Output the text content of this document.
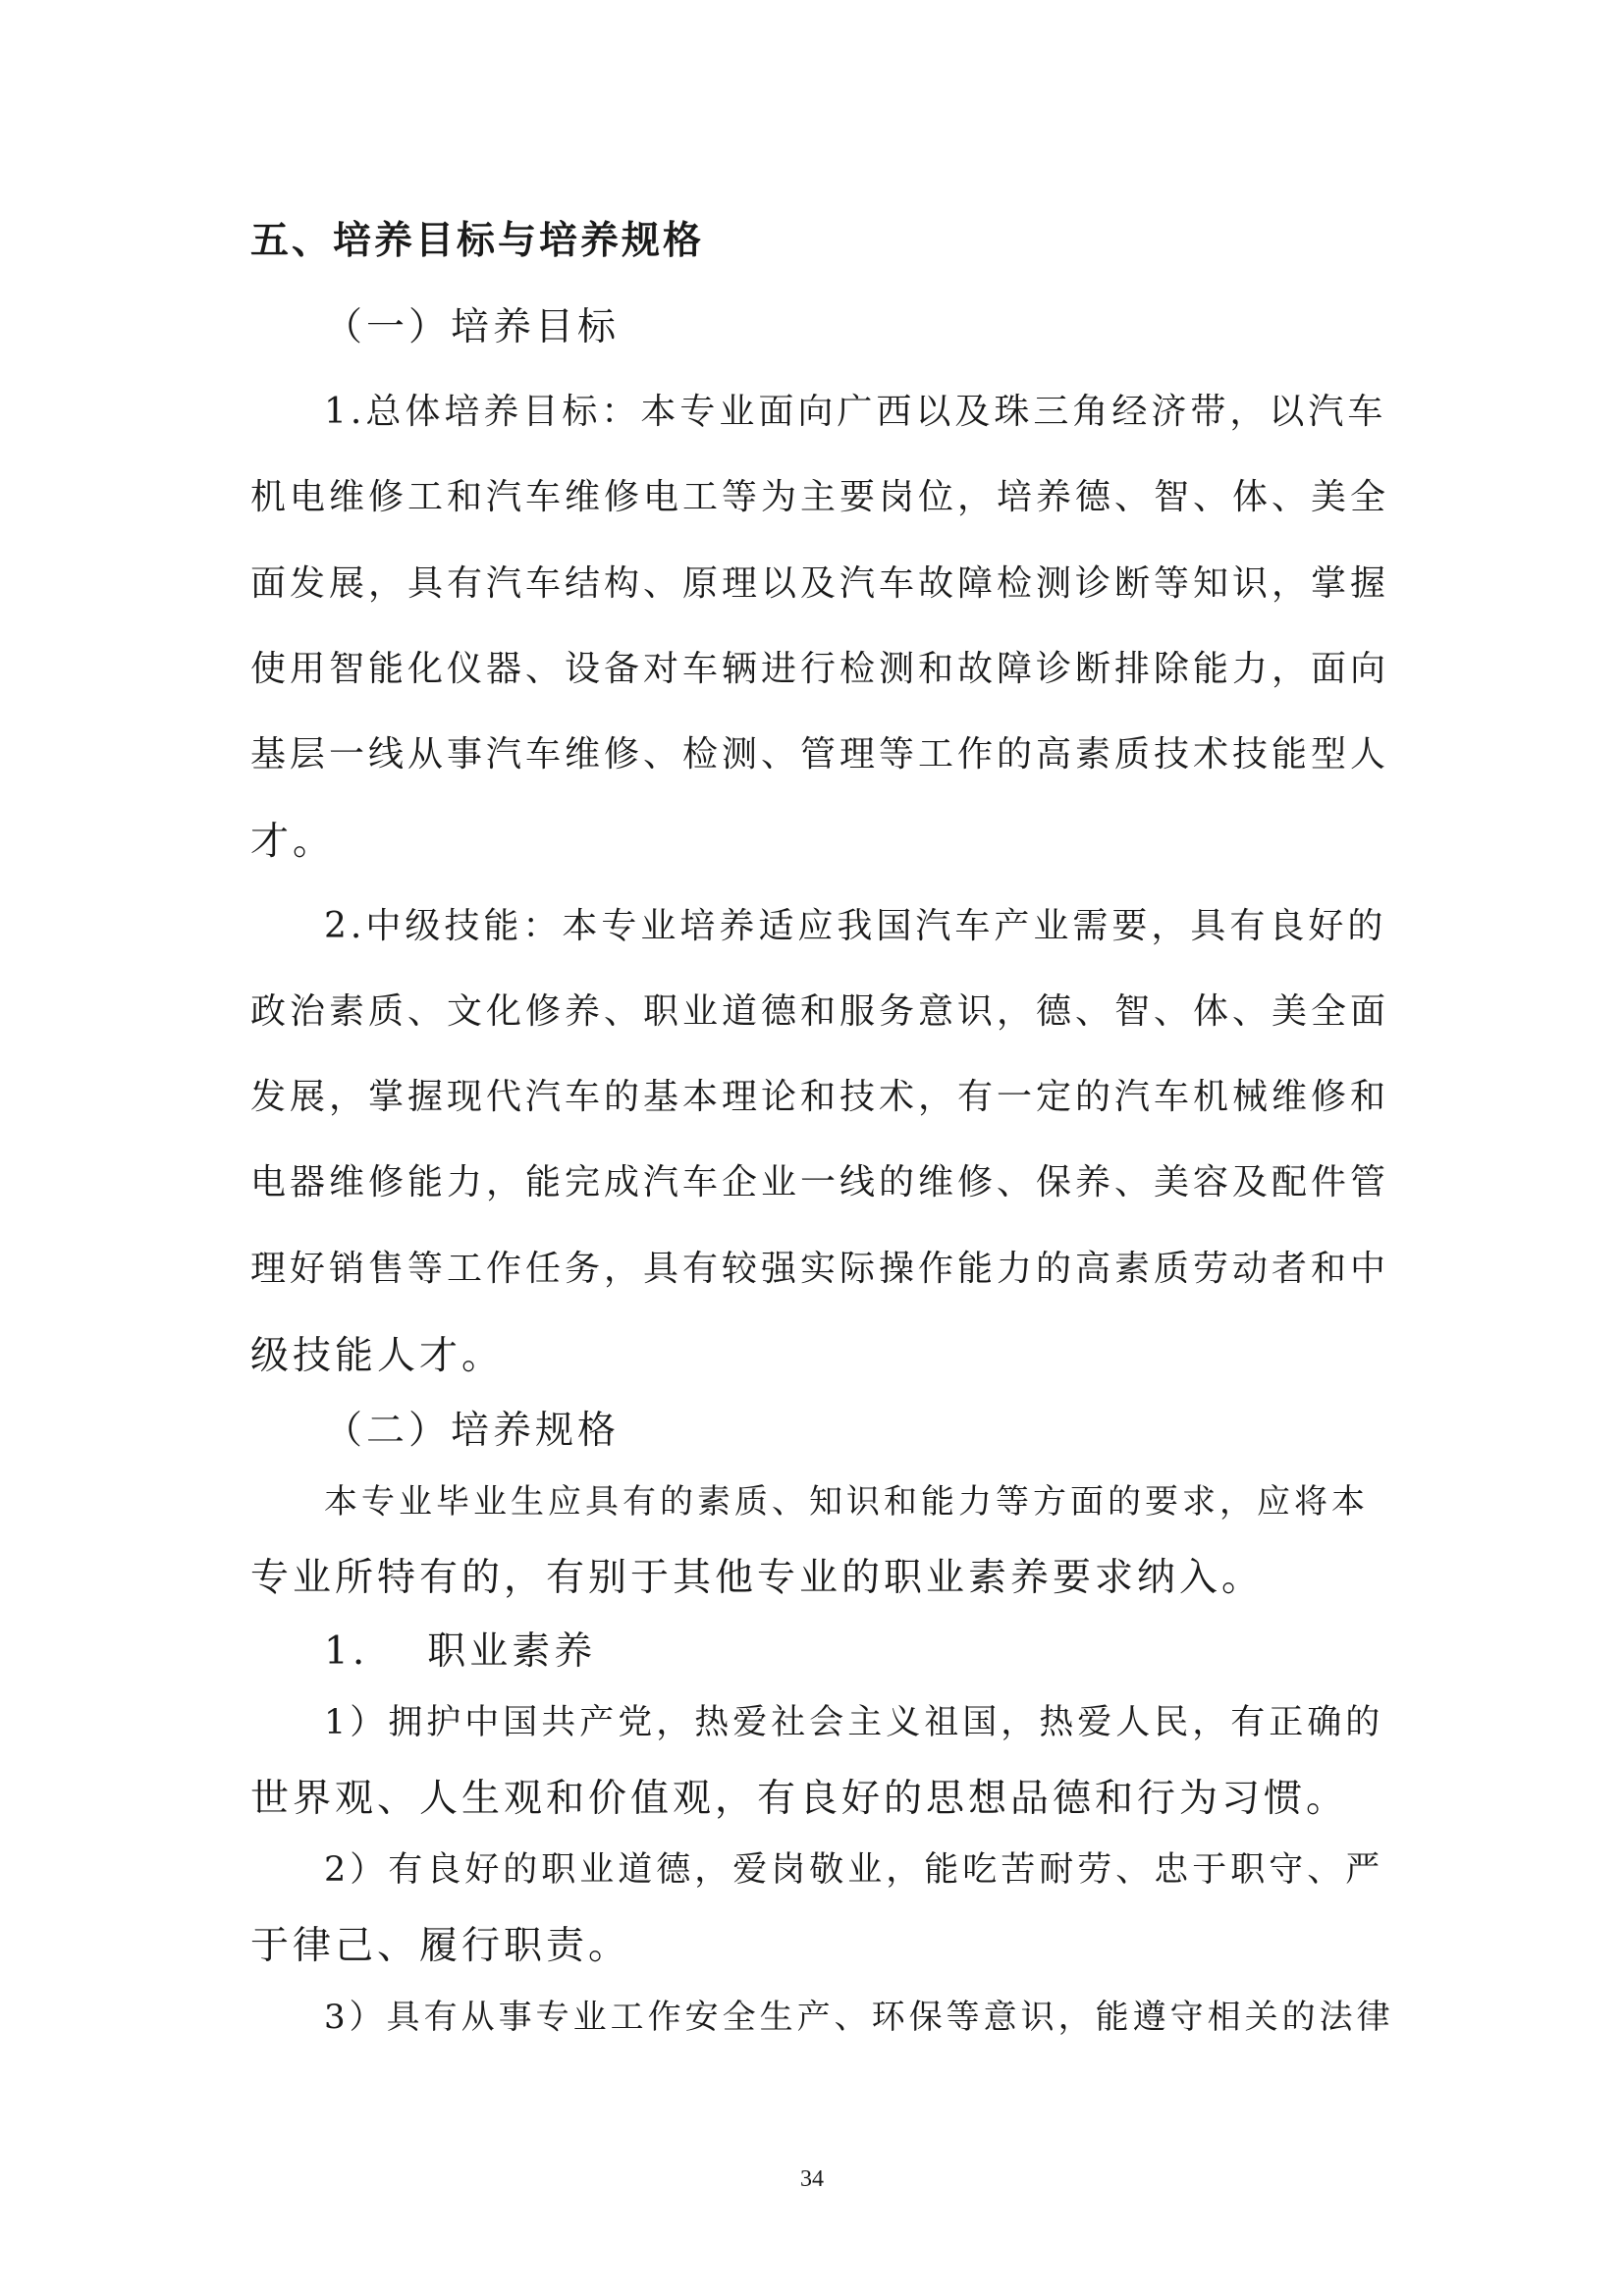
五、培养目标与培养规格
（一）培养目标
1.总体培养目标：本专业面向广西以及珠三角经济带，以汽车
机电维修工和汽车维修电工等为主要岗位，培养德、智、体、美全
面发展，具有汽车结构、原理以及汽车故障检测诊断等知识，掌握
使用智能化仪器、设备对车辆进行检测和故障诊断排除能力，面向
基层一线从事汽车维修、检测、管理等工作的高素质技术技能型人
才。
2.中级技能：本专业培养适应我国汽车产业需要，具有良好的
政治素质、文化修养、职业道德和服务意识，德、智、体、美全面
发展，掌握现代汽车的基本理论和技术，有一定的汽车机械维修和
电器维修能力，能完成汽车企业一线的维修、保养、美容及配件管
理好销售等工作任务，具有较强实际操作能力的高素质劳动者和中
级技能人才。
（二）培养规格
本专业毕业生应具有的素质、知识和能力等方面的要求，应将本
专业所特有的，有别于其他专业的职业素养要求纳入。
1. 职业素养
1）拥护中国共产党，热爱社会主义祖国，热爱人民，有正确的
世界观、人生观和价值观，有良好的思想品德和行为习惯。
2）有良好的职业道德，爱岗敬业，能吃苦耐劳、忠于职守、严
于律己、履行职责。
3）具有从事专业工作安全生产、环保等意识，能遵守相关的法律
34
